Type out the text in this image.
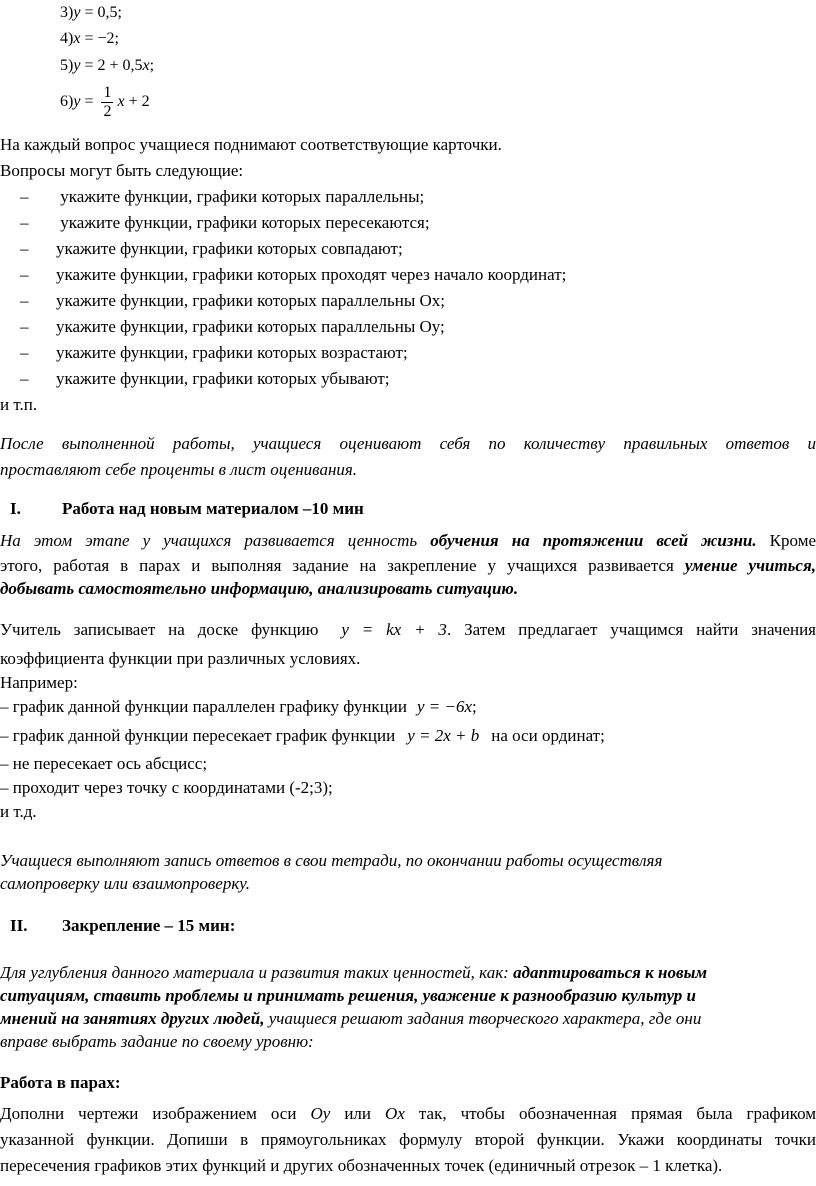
3)y = 0,5;
4)x = −2;
5)y = 2 + 0,5x;
$6)y = \frac{1}{2}$ x + 2
На каждый вопрос учащиеся поднимают соответствующие карточки.
Вопросы могут быть следующие:
– укажите функции, графики которых параллельны;
– укажите функции, графики которых пересекаются;
– укажите функции, графики которых совпадают;
– укажите функции, графики которых проходят через начало координат;
– укажите функции, графики которых параллельны Ох;
– укажите функции, графики которых параллельны Оу;
– укажите функции, графики которых возрастают;
– укажите функции, графики которых убывают;
и т.п.
После выполненной работы, учащиеся оценивают себя по количеству правильных ответов и
проставляют себе проценты в лист оценивания.
I. Работа над новым материалом –10 мин
На этом этапе у учащихся развивается ценность обучения на протяжении всей жизни. Кроме
этого, работая в парах и выполняя задание на закрепление у учащихся развивается умение учиться,
добывать самостоятельно информацию, анализировать ситуацию.
Учитель записывает на доске функцию y = kx + 3. Затем предлагает учащимся найти значения
коэффициента функции при различных условиях.
Например:
– график данной функции параллелен графику функции y = −6x;
– график данной функции пересекает график функции y = 2x + b на оси ординат;
– не пересекает ось абсцисс;
– проходит через точку с координатами (-2;3);
и т.д.
Учащиеся выполняют запись ответов в свои тетради, по окончании работы осуществляя
самопроверку или взаимопроверку.
II. Закрепление – 15 мин:
Для углубления данного материала и развития таких ценностей, как: адаптироваться к новым
ситуациям, ставить проблемы и принимать решения, уважение к разнообразию культур и
мнений на занятиях других людей, учащиеся решают задания творческого характера, где они
вправе выбрать задание по своему уровню:
Работа в парах:
Дополни чертежи изображением оси Оу или Ох так, чтобы обозначенная прямая была графиком
указанной функции. Допиши в прямоугольниках формулу второй функции. Укажи координаты точки
пересечения графиков этих функций и других обозначенных точек (единичный отрезок – 1 клетка).
